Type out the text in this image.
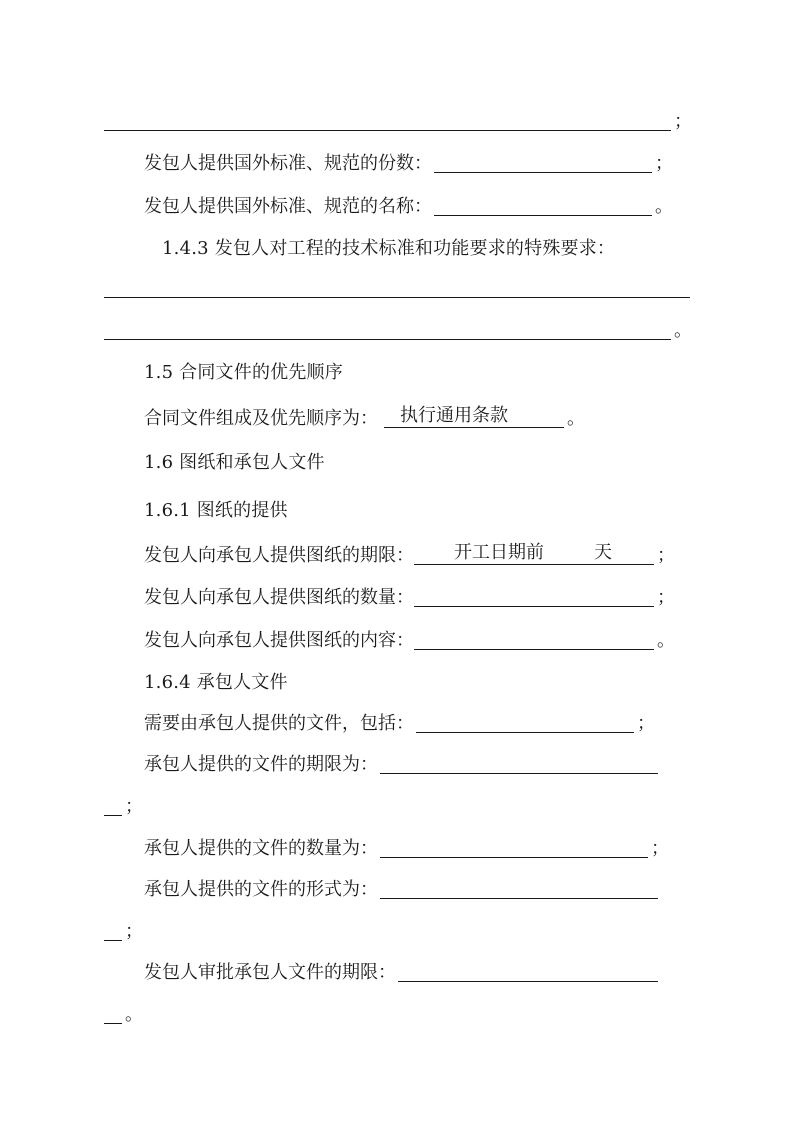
；
发包人提供国外标准、规范的份数：	；
发包人提供国外标准、规范的名称：	。
1.4.3 发包人对工程的技术标准和功能要求的特殊要求：
。
1.5 合同文件的优先顺序
合同文件组成及优先顺序为： 执行通用条款	。
1.6 图纸和承包人文件
1.6.1 图纸的提供
发包人向承包人提供图纸的期限： 开工日期前	天	；
发包人向承包人提供图纸的数量：	；
发包人向承包人提供图纸的内容：	。
1.6.4 承包人文件
需要由承包人提供的文件，包括：	；
承包人提供的文件的期限为：
；
承包人提供的文件的数量为：	；
承包人提供的文件的形式为：
；
发包人审批承包人文件的期限：
。
